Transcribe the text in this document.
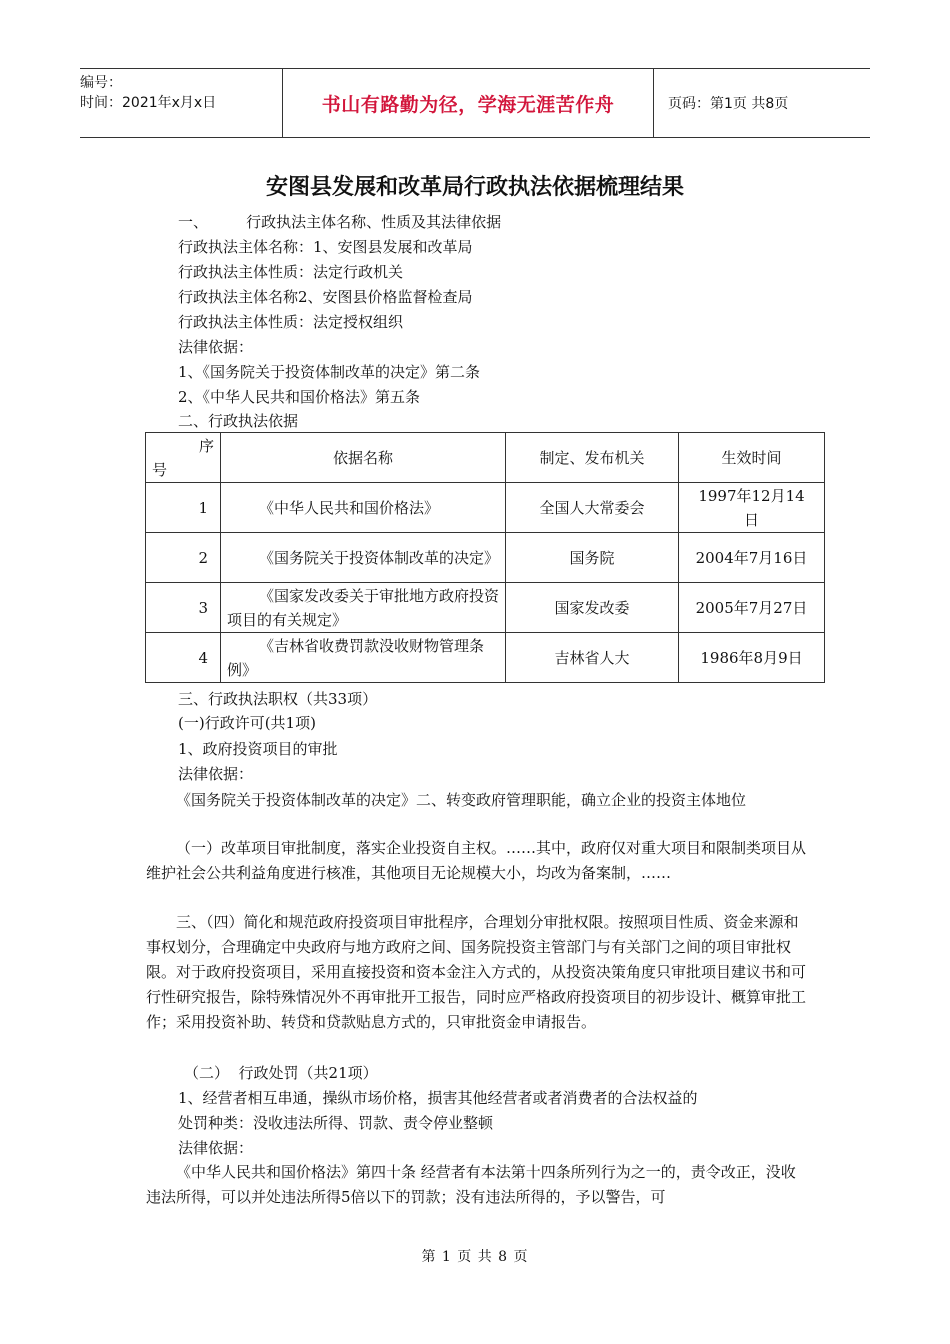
编号：
时间：2021年x月x日	书山有路勤为径，学海无涯苦作舟	页码：第1页 共8页
安图县发展和改革局行政执法依据梳理结果
一、        行政执法主体名称、性质及其法律依据
行政执法主体名称：1、安图县发展和改革局
行政执法主体性质：法定行政机关
行政执法主体名称2、安图县价格监督检查局
行政执法主体性质：法定授权组织
法律依据：
1、《国务院关于投资体制改革的决定》第二条
2、《中华人民共和国价格法》第五条
二、行政执法依据
序
号	依据名称	制定、发布机关	生效时间
1	《中华人民共和国价格法》	全国人大常委会	1997年12月14日
2	《国务院关于投资体制改革的决定》	国务院	2004年7月16日
3	《国家发改委关于审批地方政府投资项目的有关规定》	国家发改委	2005年7月27日
4	《吉林省收费罚款没收财物管理条例》	吉林省人大	1986年8月9日
三、行政执法职权（共33项）
(一)行政许可(共1项)
1、政府投资项目的审批
法律依据：
《国务院关于投资体制改革的决定》二、转变政府管理职能，确立企业的投资主体地位
（一）改革项目审批制度，落实企业投资自主权。……其中，政府仅对重大项目和限制类项目从维护社会公共利益角度进行核准，其他项目无论规模大小，均改为备案制，……
三、（四）简化和规范政府投资项目审批程序，合理划分审批权限。按照项目性质、资金来源和事权划分，合理确定中央政府与地方政府之间、国务院投资主管部门与有关部门之间的项目审批权限。对于政府投资项目，采用直接投资和资本金注入方式的，从投资决策角度只审批项目建议书和可行性研究报告，除特殊情况外不再审批开工报告，同时应严格政府投资项目的初步设计、概算审批工作；采用投资补助、转贷和贷款贴息方式的，只审批资金申请报告。
（二）  行政处罚（共21项）
1、经营者相互串通，操纵市场价格，损害其他经营者或者消费者的合法权益的
处罚种类：没收违法所得、罚款、责令停业整顿
法律依据：
《中华人民共和国价格法》第四十条 经营者有本法第十四条所列行为之一的，责令改正，没收违法所得，可以并处违法所得5倍以下的罚款；没有违法所得的，予以警告，可
第 1 页 共 8 页
